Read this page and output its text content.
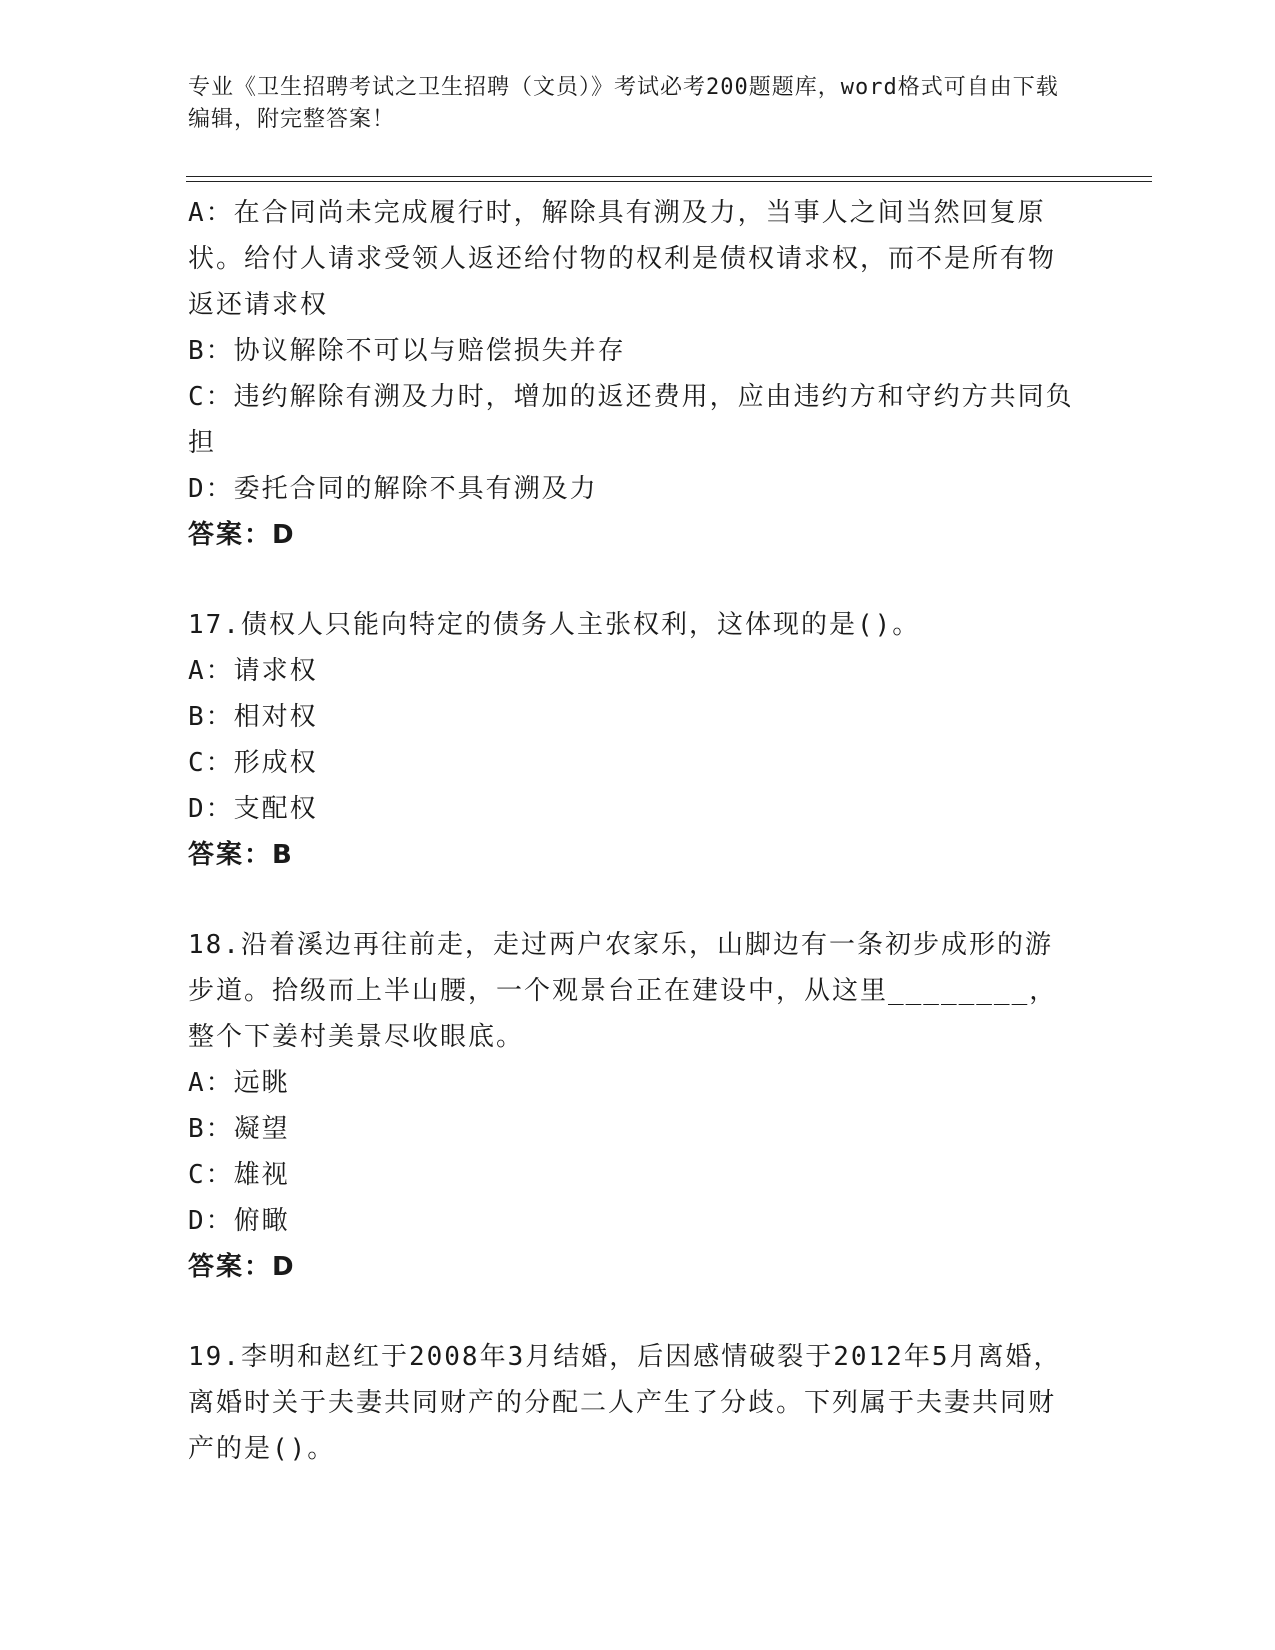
专业《卫生招聘考试之卫生招聘（文员）》考试必考200题题库，word格式可自由下载编辑，附完整答案！
A：在合同尚未完成履行时，解除具有溯及力，当事人之间当然回复原状。给付人请求受领人返还给付物的权利是债权请求权，而不是所有物返还请求权
B：协议解除不可以与赔偿损失并存
C：违约解除有溯及力时，增加的返还费用，应由违约方和守约方共同负担
D：委托合同的解除不具有溯及力
答案：D
17.债权人只能向特定的债务人主张权利，这体现的是()。
A：请求权
B：相对权
C：形成权
D：支配权
答案：B
18.沿着溪边再往前走，走过两户农家乐，山脚边有一条初步成形的游步道。拾级而上半山腰，一个观景台正在建设中，从这里________，整个下姜村美景尽收眼底。
A：远眺
B：凝望
C：雄视
D：俯瞰
答案：D
19.李明和赵红于2008年3月结婚，后因感情破裂于2012年5月离婚，离婚时关于夫妻共同财产的分配二人产生了分歧。下列属于夫妻共同财产的是()。
